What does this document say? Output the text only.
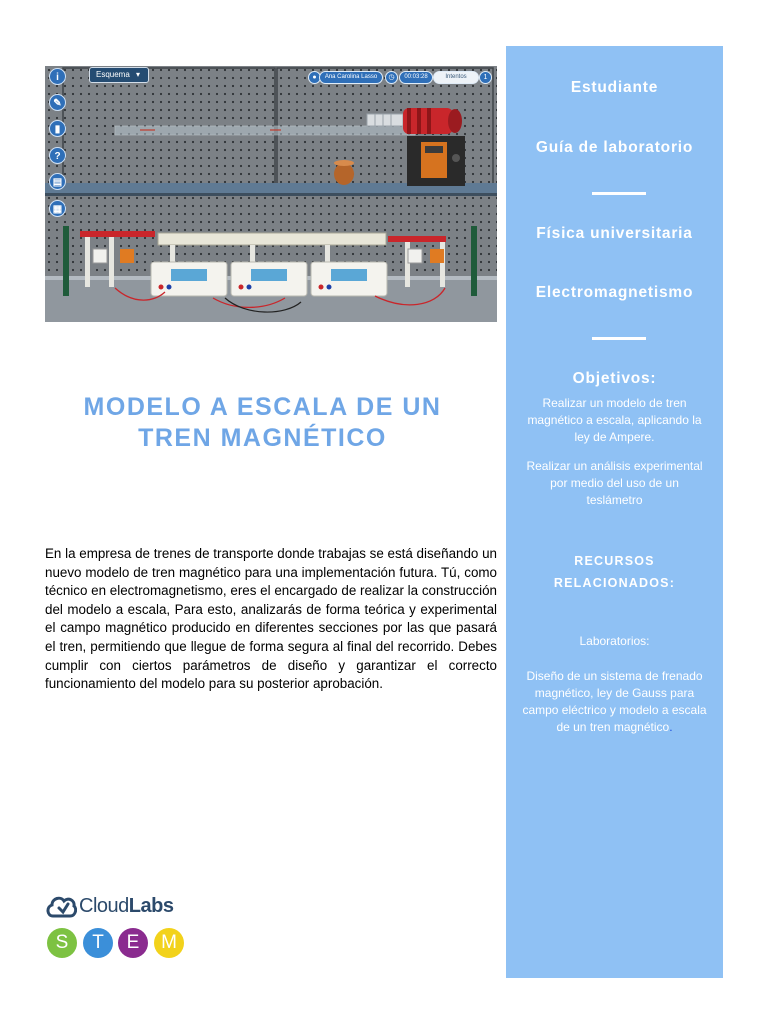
i
✎
▮
?
▤
▦
Esquema ▾	●	Ana Carolina Lasso	◷	00:03:28	Intentos	1
MODELO A ESCALA DE UN TREN MAGNÉTICO
En la empresa de trenes de transporte donde trabajas se está diseñando un nuevo modelo de tren magnético para una implementación futura. Tú, como técnico en electromagnetismo, eres el encargado de realizar la construcción del modelo a escala, Para esto, analizarás de forma teórica y experimental el campo magnético producido en diferentes secciones por las que pasará el tren, permitiendo que llegue de forma segura al final del recorrido. Debes cumplir con ciertos parámetros de diseño y garantizar el correcto funcionamiento del modelo para su posterior aprobación.
CloudLabs
S	T	E	M
Estudiante
Guía de laboratorio
Física universitaria
Electromagnetismo
Objetivos:
Realizar un modelo de tren magnético a escala, aplicando la ley de Ampere.
Realizar un análisis experimental por medio del uso de un teslámetro
RECURSOS
RELACIONADOS:
Laboratorios:
Diseño de un sistema de frenado magnético, ley de Gauss para campo eléctrico y modelo a escala de un tren magnético.
